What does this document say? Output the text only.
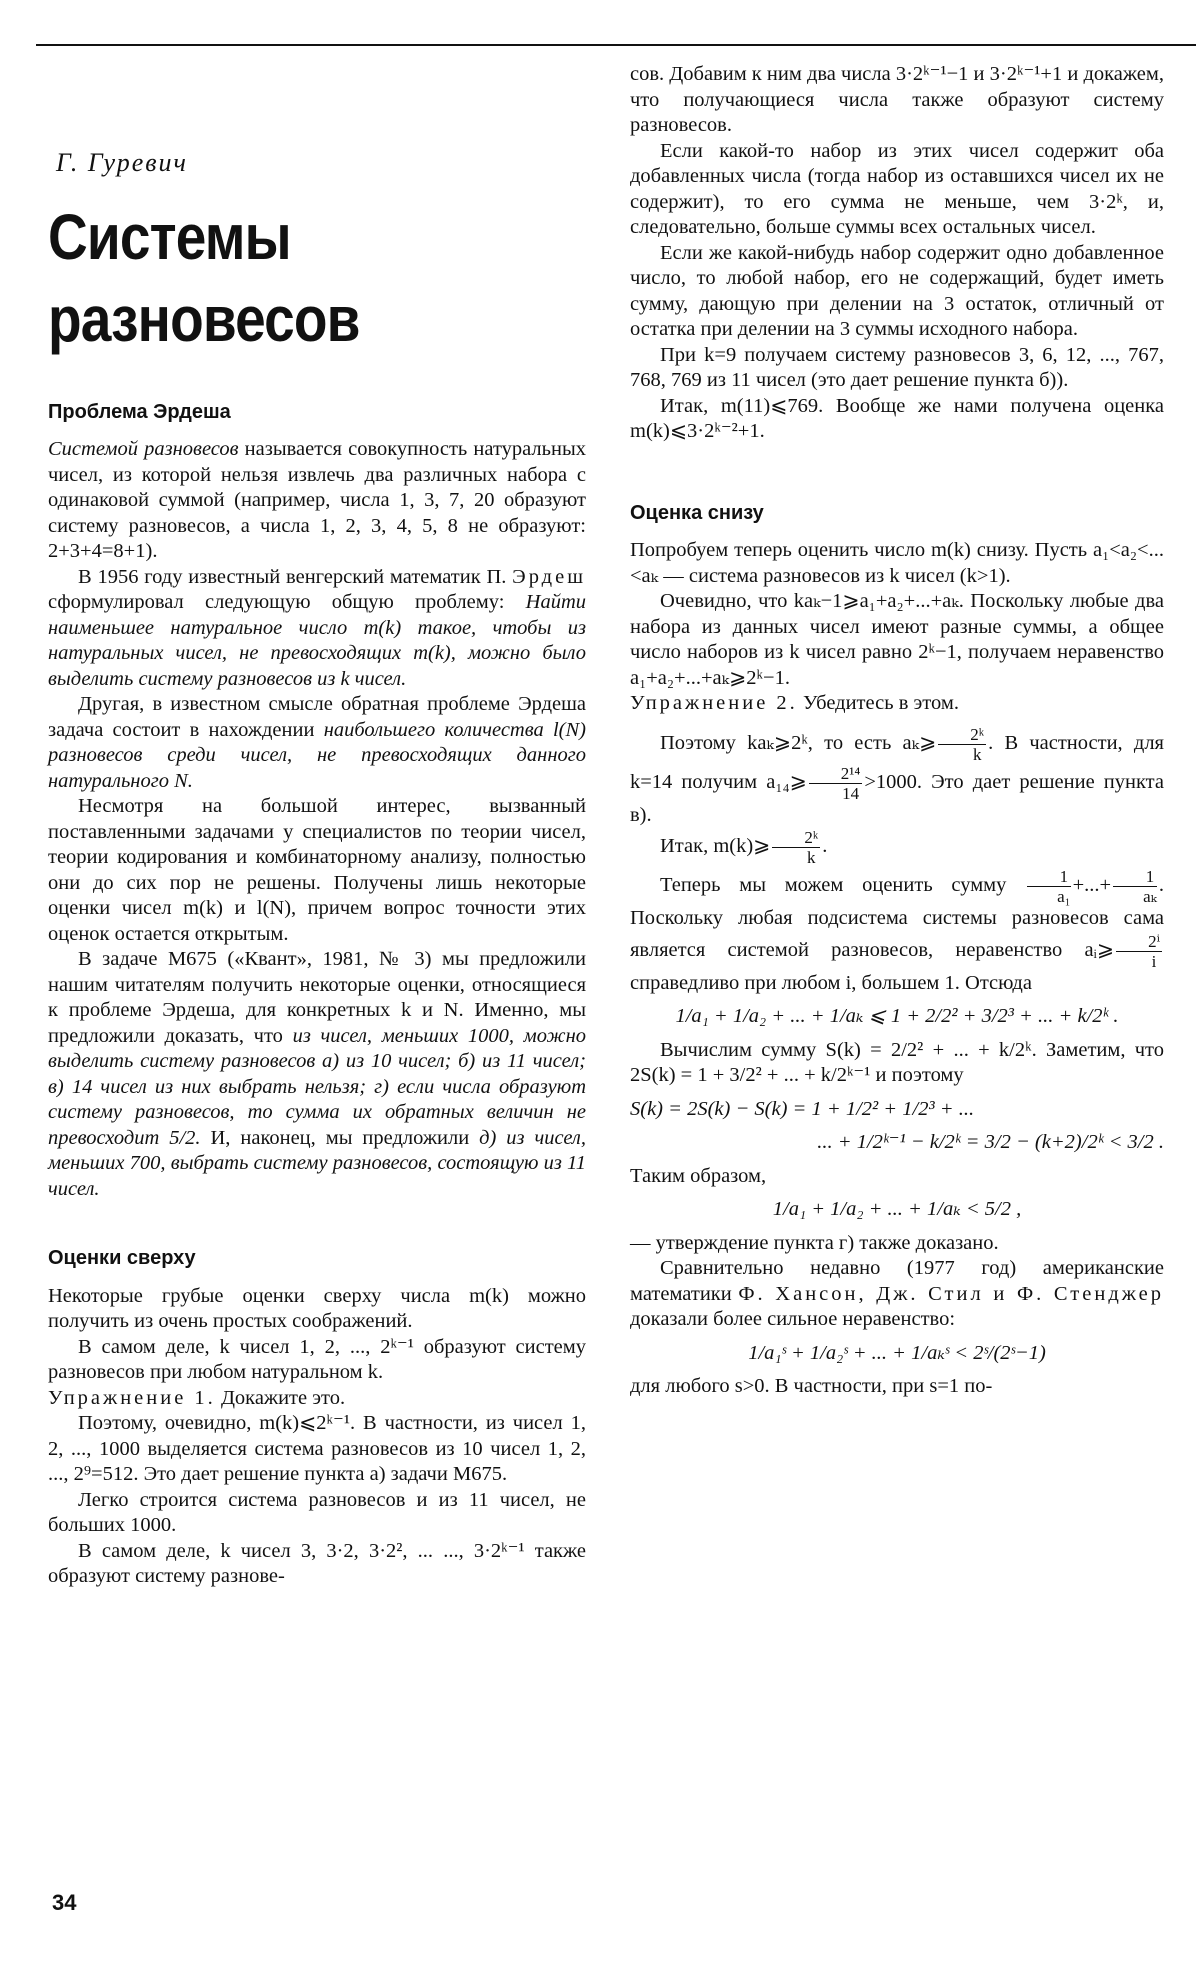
Г. Гуревич
Системы
разновесов
Проблема Эрдеша

Системой разновесов называется совокупность натуральных чисел, из которой нельзя извлечь два различных набора с одинаковой суммой (например, числа 1, 3, 7, 20 образуют систему разновесов, а числа 1, 2, 3, 4, 5, 8 не образуют: 2+3+4=8+1).

В 1956 году известный венгерский математик П. Эрдеш сформулировал следующую общую проблему: Найти наименьшее натуральное число m(k) такое, чтобы из натуральных чисел, не превосходящих m(k), можно было выделить систему разновесов из k чисел.

Другая, в известном смысле обратная проблеме Эрдеша задача состоит в нахождении наибольшего количества l(N) разновесов среди чисел, не превосходящих данного натурального N.

Несмотря на большой интерес, вызванный поставленными задачами у специалистов по теории чисел, теории кодирования и комбинаторному анализу, полностью они до сих пор не решены. Получены лишь некоторые оценки чисел m(k) и l(N), причем вопрос точности этих оценок остается открытым.

В задаче М675 («Квант», 1981, № 3) мы предложили нашим читателям получить некоторые оценки, относящиеся к проблеме Эрдеша, для конкретных k и N. Именно, мы предложили доказать, что из чисел, меньших 1000, можно выделить систему разновесов а) из 10 чисел; б) из 11 чисел; в) 14 чисел из них выбрать нельзя; г) если числа образуют систему разновесов, то сумма их обратных величин не превосходит 5/2. И, наконец, мы предложили д) из чисел, меньших 700, выбрать систему разновесов, состоящую из 11 чисел.

Оценки сверху

Некоторые грубые оценки сверху числа m(k) можно получить из очень простых соображений.

В самом деле, k чисел 1, 2, ..., 2ᵏ⁻¹ образуют систему разновесов при любом натуральном k.

Упражнение 1. Докажите это.

Поэтому, очевидно, m(k)⩽2ᵏ⁻¹. В частности, из чисел 1, 2, ..., 1000 выделяется система разновесов из 10 чисел 1, 2, ..., 2⁹=512. Это дает решение пункта а) задачи М675.

Легко строится система разновесов и из 11 чисел, не больших 1000.

В самом деле, k чисел 3, 3·2, 3·2², ... ..., 3·2ᵏ⁻¹ также образуют систему разнове-

сов. Добавим к ним два числа 3·2ᵏ⁻¹−1 и 3·2ᵏ⁻¹+1 и докажем, что получающиеся числа также образуют систему разновесов.

Если какой-то набор из этих чисел содержит оба добавленных числа (тогда набор из оставшихся чисел их не содержит), то его сумма не меньше, чем 3·2ᵏ, и, следовательно, больше суммы всех остальных чисел.

Если же какой-нибудь набор содержит одно добавленное число, то любой набор, его не содержащий, будет иметь сумму, дающую при делении на 3 остаток, отличный от остатка при делении на 3 суммы исходного набора.

При k=9 получаем систему разновесов 3, 6, 12, ..., 767, 768, 769 из 11 чисел (это дает решение пункта б)).

Итак, m(11)⩽769. Вообще же нами получена оценка m(k)⩽3·2ᵏ⁻²+1.

Оценка снизу

Попробуем теперь оценить число m(k) снизу. Пусть a₁<a₂<...<aₖ — система разновесов из k чисел (k>1).

Очевидно, что kaₖ−1⩾a₁+a₂+...+aₖ. Поскольку любые два набора из данных чисел имеют разные суммы, а общее число наборов из k чисел равно 2ᵏ−1, получаем неравенство a₁+a₂+...+aₖ⩾2ᵏ−1.

Упражнение 2. Убедитесь в этом.

Поэтому kaₖ⩾2ᵏ, то есть aₖ⩾ $\frac{\text{2ᵏ}}{k}$ . В частности, для k=14 получим a₁₄⩾ $\frac{\text{2¹⁴}}{14} >1000$. Это дает решение пункта в).

Итак, m(k)⩾ $\frac{\text{2ᵏ}}{k}$ .

Теперь мы можем оценить сумму $\frac{1}{\text{a₁}}$ +...+ $\frac{1}{\text{aₖ}}$ . Поскольку любая подсистема системы разновесов сама является системой разновесов, неравенство aᵢ⩾ $\frac{\text{2ⁱ}}{i}$
справедливо при любом i, большем 1. Отсюда

1/a₁ + 1/a₂ + ... + 1/aₖ ⩽ 1 + 2/2² + 3/2³ + ... + k/2ᵏ .

Вычислим сумму S(k) = 2/2² + ... + k/2ᵏ. Заметим, что 2S(k) = 1 + 3/2² + ... + k/2ᵏ⁻¹ и поэтому

S(k) = 2S(k) − S(k) = 1 + 1/2² + 1/2³ + ...
... + 1/2ᵏ⁻¹ − k/2ᵏ = 3/2 − (k+2)/2ᵏ < 3/2 .

Таким образом,

1/a₁ + 1/a₂ + ... + 1/aₖ < 5/2 ,

— утверждение пункта г) также доказано.

Сравнительно недавно (1977 год) американские математики Ф. Хансон, Дж. Стил и Ф. Стенджер доказали более сильное неравенство:

1/a₁ˢ + 1/a₂ˢ + ... + 1/aₖˢ < 2ˢ/(2ˢ−1)

для любого s>0. В частности, при s=1 по-

34
